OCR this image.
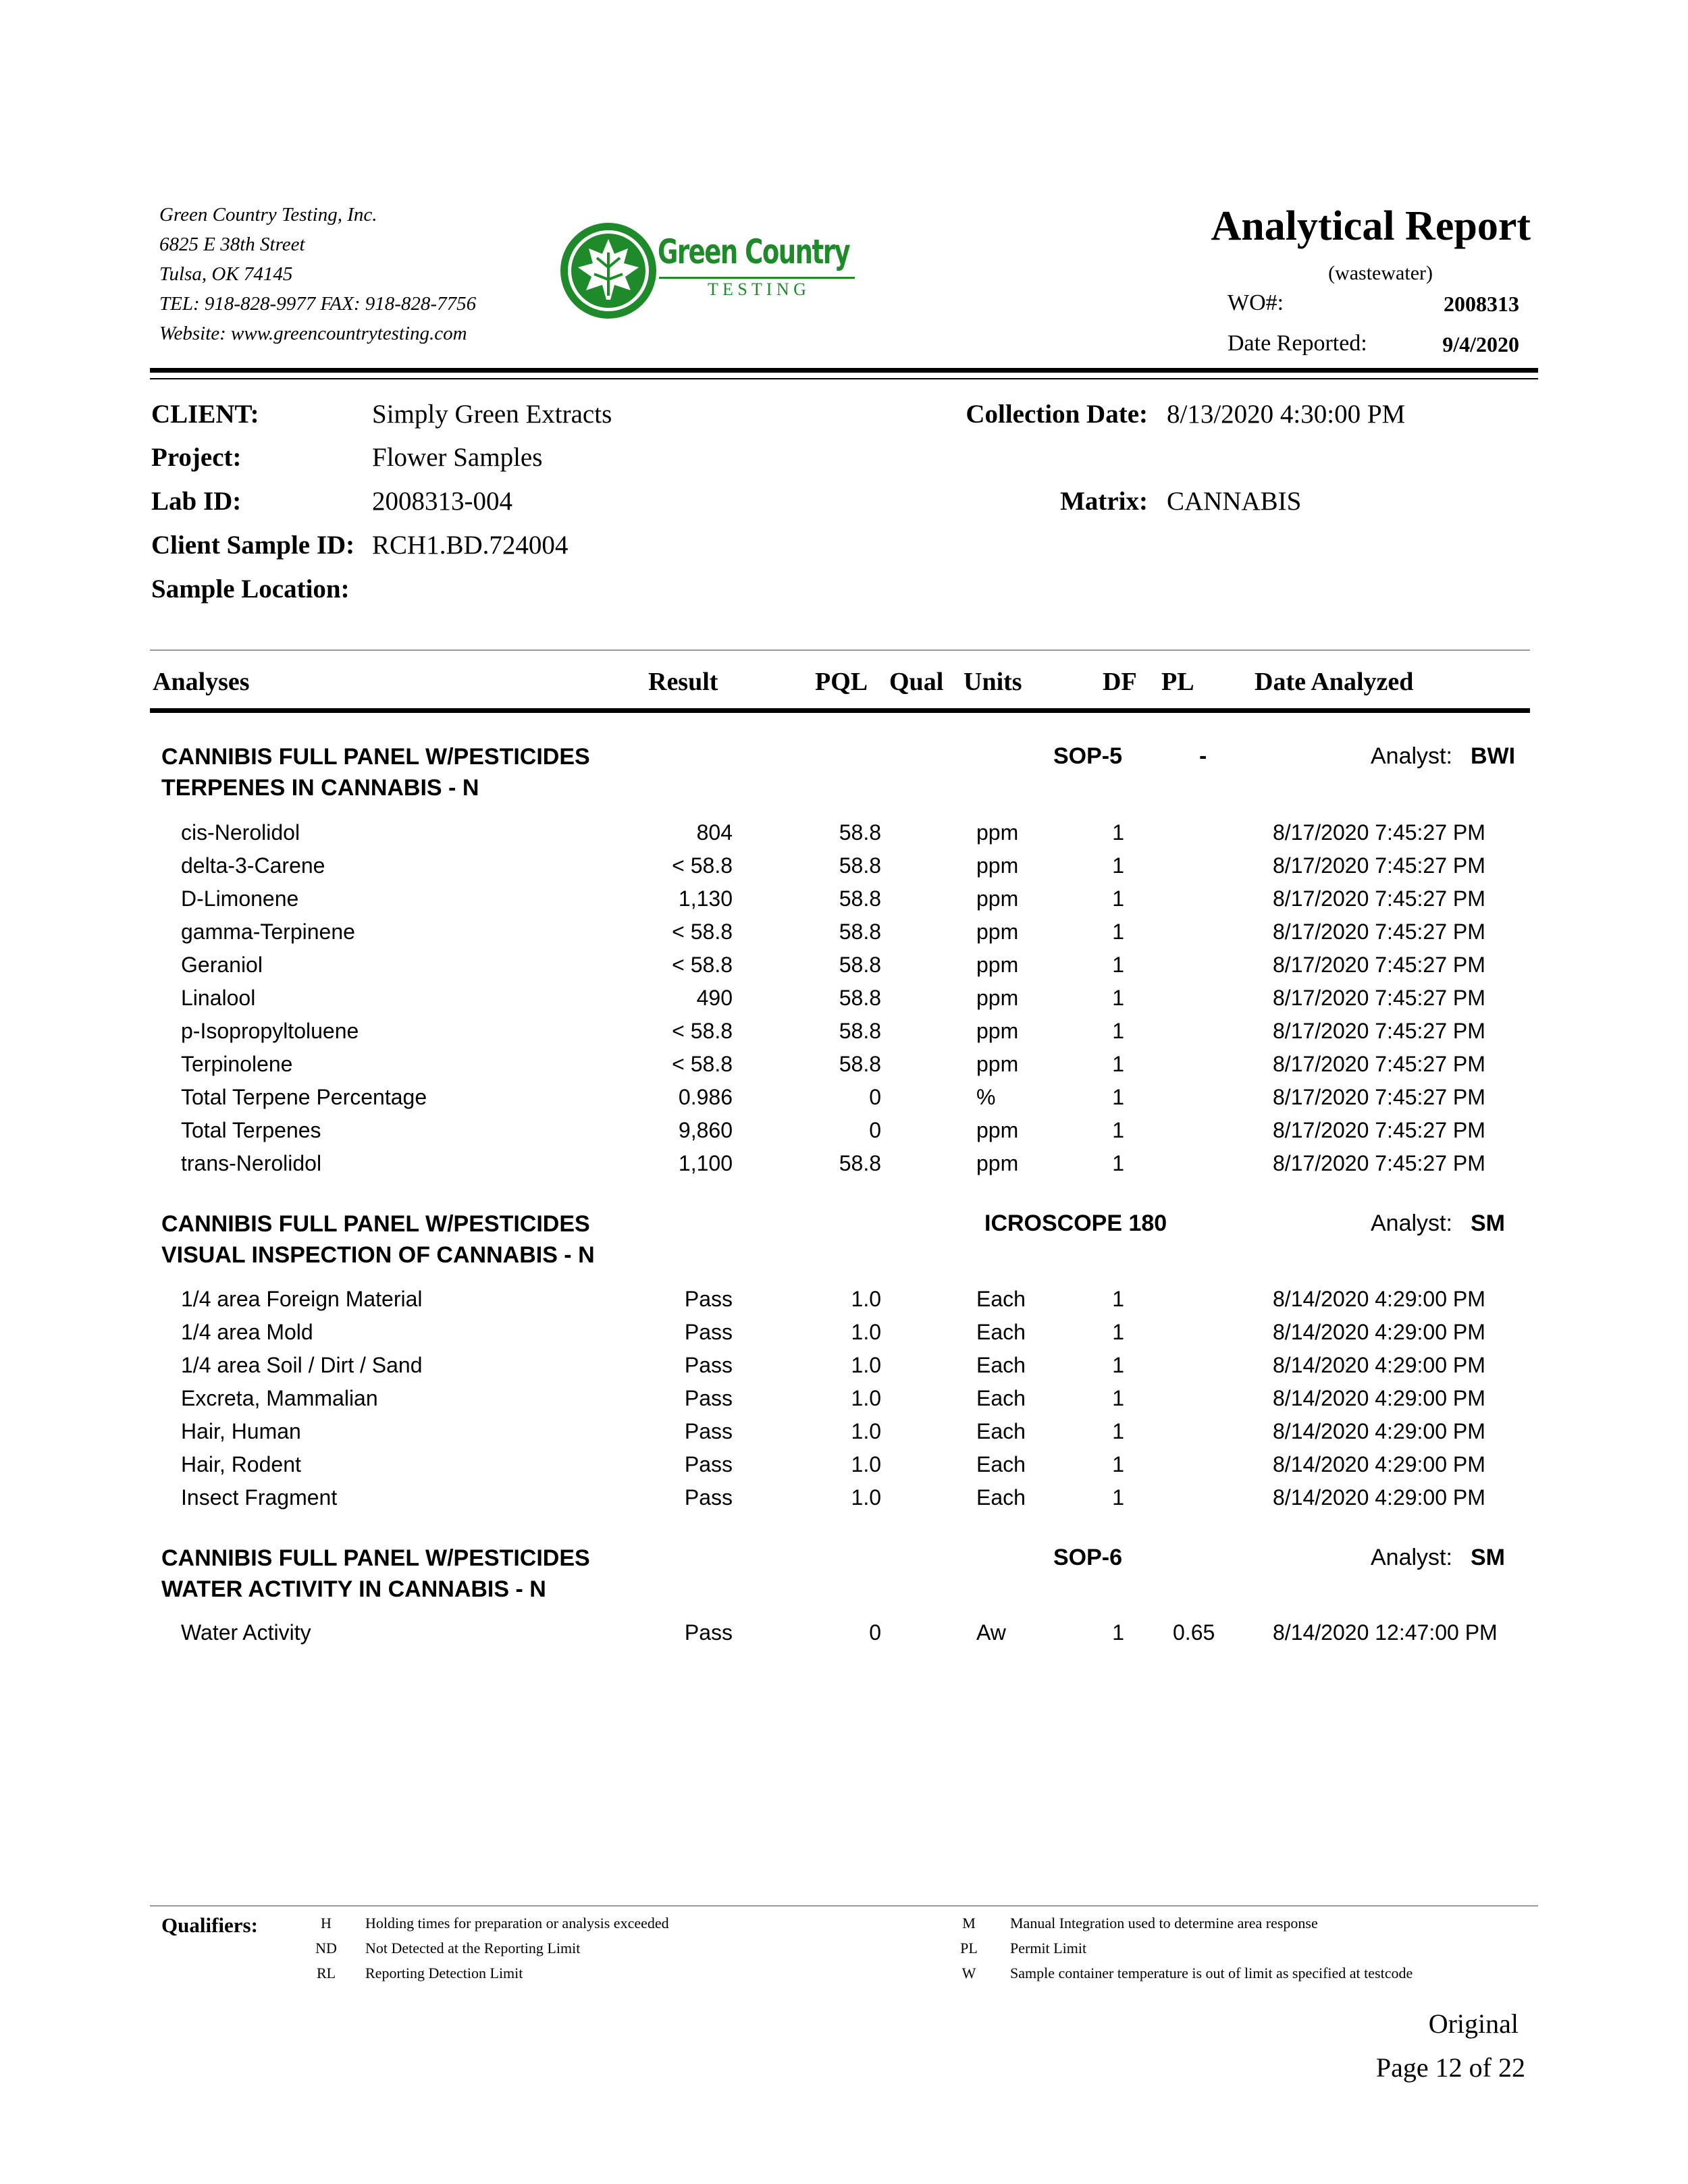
Green Country Testing, Inc.
6825 E 38th Street
Tulsa, OK 74145
TEL: 918-828-9977 FAX: 918-828-7756
Website: www.greencountrytesting.com
Green Country
T E S T I N G
Analytical Report
(wastewater)
WO#:	2008313
Date Reported:	9/4/2020
CLIENT:	Simply Green Extracts
Project:	Flower Samples
Lab ID:	2008313-004
Client Sample ID: RCH1.BD.724004
Sample Location:
Collection Date: 8/13/2020 4:30:00 PM
Matrix: CANNABIS
Analyses	Result	PQL Qual Units	DF PL Date Analyzed
CANNIBIS FULL PANEL W/PESTICIDES
TERPENES IN CANNABIS - N
SOP-5	-	Analyst: BWI
cis-Nerolidol	804	58.8	ppm	1	8/17/2020 7:45:27 PM
delta-3-Carene	< 58.8	58.8	ppm	1	8/17/2020 7:45:27 PM
D-Limonene	1,130	58.8	ppm	1	8/17/2020 7:45:27 PM
gamma-Terpinene	< 58.8	58.8	ppm	1	8/17/2020 7:45:27 PM
Geraniol	< 58.8	58.8	ppm	1	8/17/2020 7:45:27 PM
Linalool	490	58.8	ppm	1	8/17/2020 7:45:27 PM
p-Isopropyltoluene	< 58.8	58.8	ppm	1	8/17/2020 7:45:27 PM
Terpinolene	< 58.8	58.8	ppm	1	8/17/2020 7:45:27 PM
Total Terpene Percentage	0.986	0	%	1	8/17/2020 7:45:27 PM
Total Terpenes	9,860	0	ppm	1	8/17/2020 7:45:27 PM
trans-Nerolidol	1,100	58.8	ppm	1	8/17/2020 7:45:27 PM
CANNIBIS FULL PANEL W/PESTICIDES
VISUAL INSPECTION OF CANNABIS - N
ICROSCOPE 180	Analyst: SM
1/4 area Foreign Material	Pass	1.0	Each	1	8/14/2020 4:29:00 PM
1/4 area Mold	Pass	1.0	Each	1	8/14/2020 4:29:00 PM
1/4 area Soil / Dirt / Sand	Pass	1.0	Each	1	8/14/2020 4:29:00 PM
Excreta, Mammalian	Pass	1.0	Each	1	8/14/2020 4:29:00 PM
Hair, Human	Pass	1.0	Each	1	8/14/2020 4:29:00 PM
Hair, Rodent	Pass	1.0	Each	1	8/14/2020 4:29:00 PM
Insect Fragment	Pass	1.0	Each	1	8/14/2020 4:29:00 PM
CANNIBIS FULL PANEL W/PESTICIDES
WATER ACTIVITY IN CANNABIS - N
SOP-6	Analyst: SM
Water Activity	Pass	0	Aw	1 0.65	8/14/2020 12:47:00 PM
Qualifiers:	H	Holding times for preparation or analysis exceeded
ND	Not Detected at the Reporting Limit
RL	Reporting Detection Limit
M	Manual Integration used to determine area response
PL	Permit Limit
W	Sample container temperature is out of limit as specified at testcode
Original
Page 12 of 22
